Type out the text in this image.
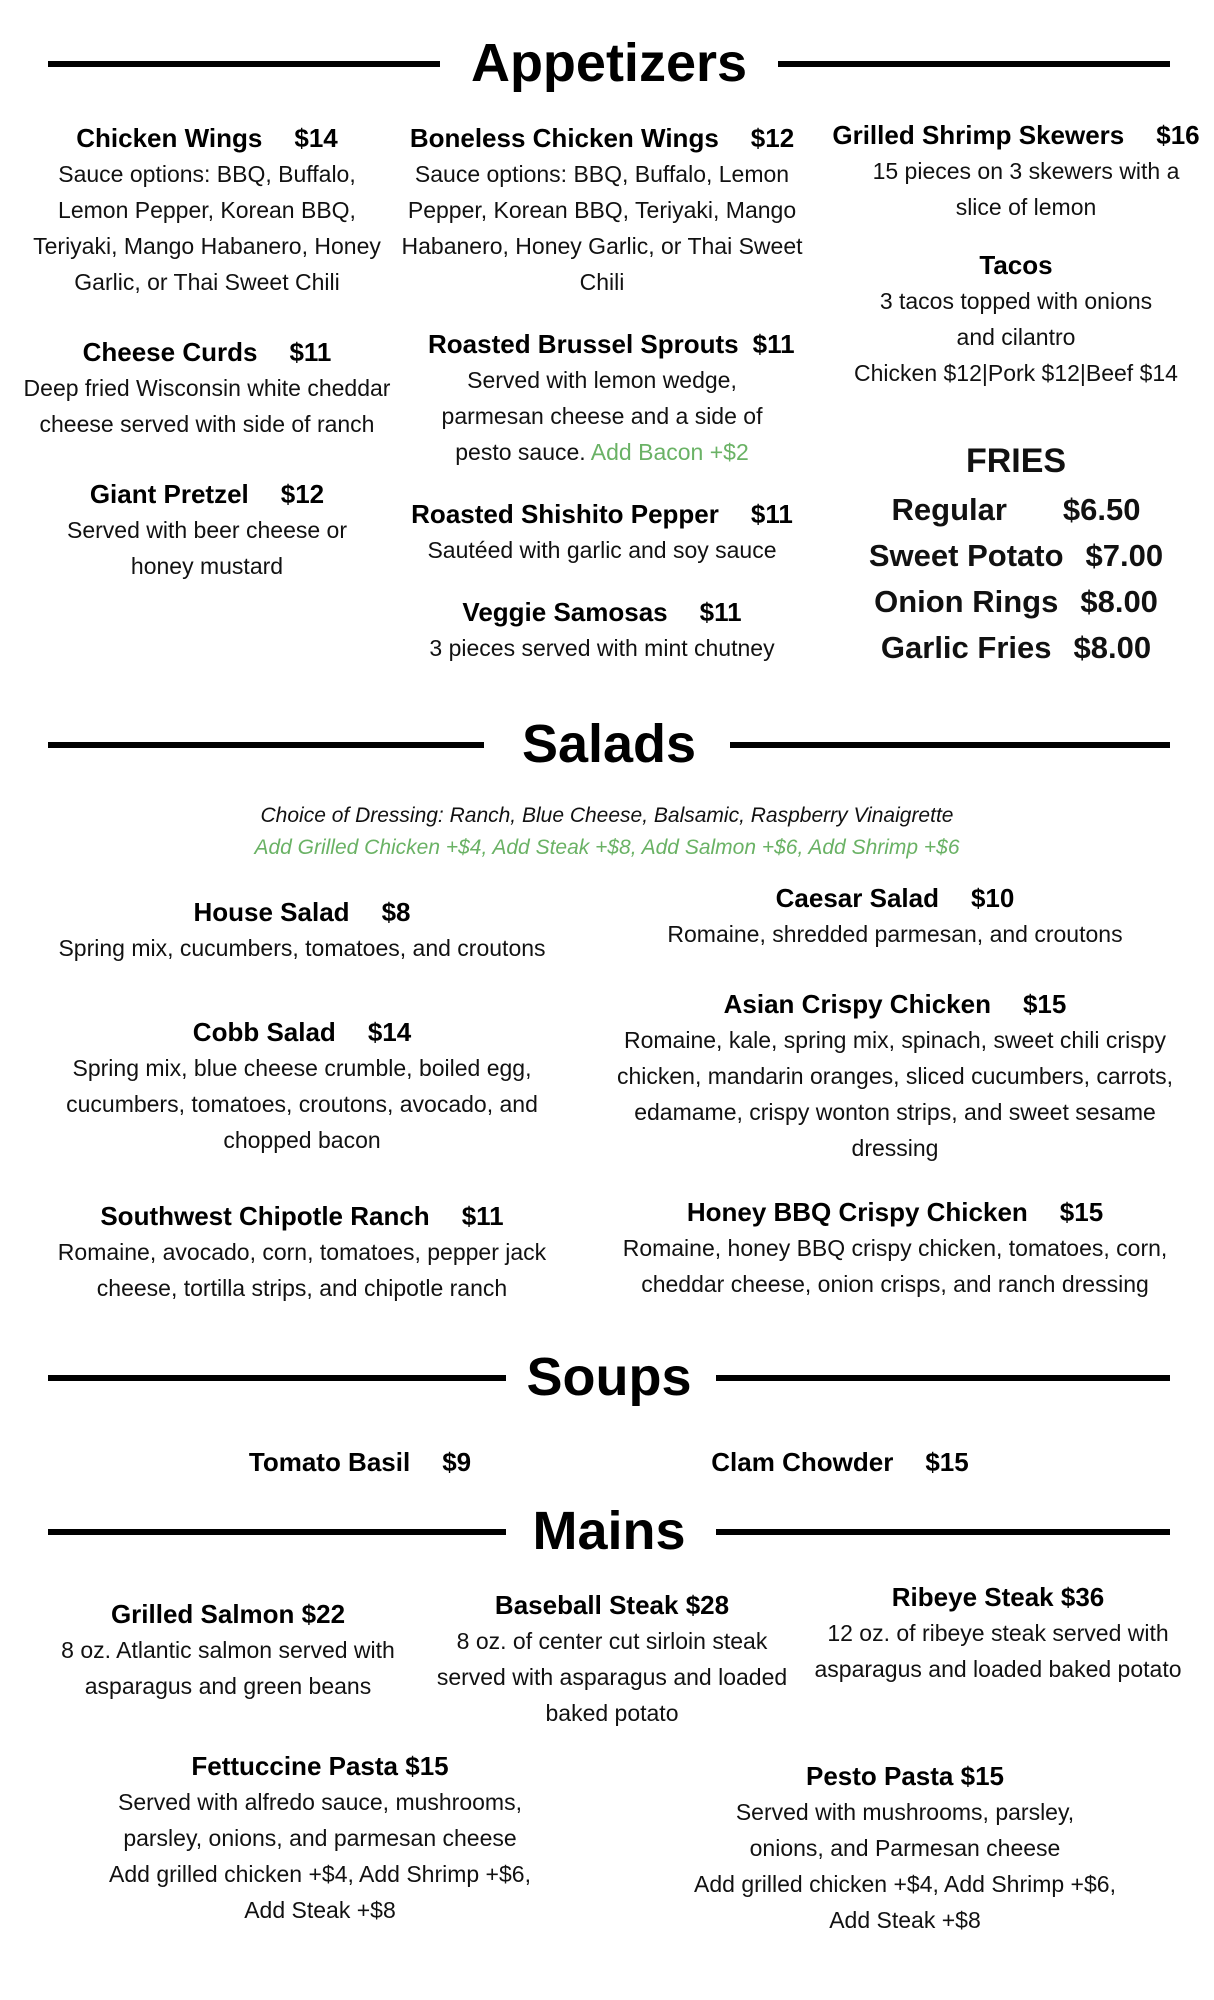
Appetizers
Chicken Wings $14
Sauce options: BBQ, Buffalo, Lemon Pepper, Korean BBQ, Teriyaki, Mango Habanero, Honey Garlic, or Thai Sweet Chili
Cheese Curds $11
Deep fried Wisconsin white cheddar cheese served with side of ranch
Giant Pretzel $12
Served with beer cheese or honey mustard
Boneless Chicken Wings $12
Sauce options: BBQ, Buffalo, Lemon Pepper, Korean BBQ, Teriyaki, Mango Habanero, Honey Garlic, or Thai Sweet Chili
Roasted Brussel Sprouts $11
Served with lemon wedge, parmesan cheese and a side of pesto sauce. Add Bacon +$2
Roasted Shishito Pepper $11
Sautéed with garlic and soy sauce
Veggie Samosas $11
3 pieces served with mint chutney
Grilled Shrimp Skewers $16
15 pieces on 3 skewers with a slice of lemon
Tacos
3 tacos topped with onions and cilantro
Chicken $12|Pork $12|Beef $14
FRIES
Regular $6.50
Sweet Potato $7.00
Onion Rings $8.00
Garlic Fries $8.00
Salads
Choice of Dressing: Ranch, Blue Cheese, Balsamic, Raspberry Vinaigrette
Add Grilled Chicken +$4, Add Steak +$8, Add Salmon +$6, Add Shrimp +$6
House Salad $8
Spring mix, cucumbers, tomatoes, and croutons
Cobb Salad $14
Spring mix, blue cheese crumble, boiled egg, cucumbers, tomatoes, croutons, avocado, and chopped bacon
Southwest Chipotle Ranch $11
Romaine, avocado, corn, tomatoes, pepper jack cheese, tortilla strips, and chipotle ranch
Caesar Salad $10
Romaine, shredded parmesan, and croutons
Asian Crispy Chicken $15
Romaine, kale, spring mix, spinach, sweet chili crispy chicken, mandarin oranges, sliced cucumbers, carrots, edamame, crispy wonton strips, and sweet sesame dressing
Honey BBQ Crispy Chicken $15
Romaine, honey BBQ crispy chicken, tomatoes, corn, cheddar cheese, onion crisps, and ranch dressing
Soups
Tomato Basil $9	Clam Chowder $15
Mains
Grilled Salmon $22
8 oz. Atlantic salmon served with asparagus and green beans
Baseball Steak $28
8 oz. of center cut sirloin steak served with asparagus and loaded baked potato
Ribeye Steak $36
12 oz. of ribeye steak served with asparagus and loaded baked potato
Fettuccine Pasta $15
Served with alfredo sauce, mushrooms, parsley, onions, and parmesan cheese
Add grilled chicken +$4, Add Shrimp +$6, Add Steak +$8
Pesto Pasta $15
Served with mushrooms, parsley, onions, and Parmesan cheese
Add grilled chicken +$4, Add Shrimp +$6, Add Steak +$8
